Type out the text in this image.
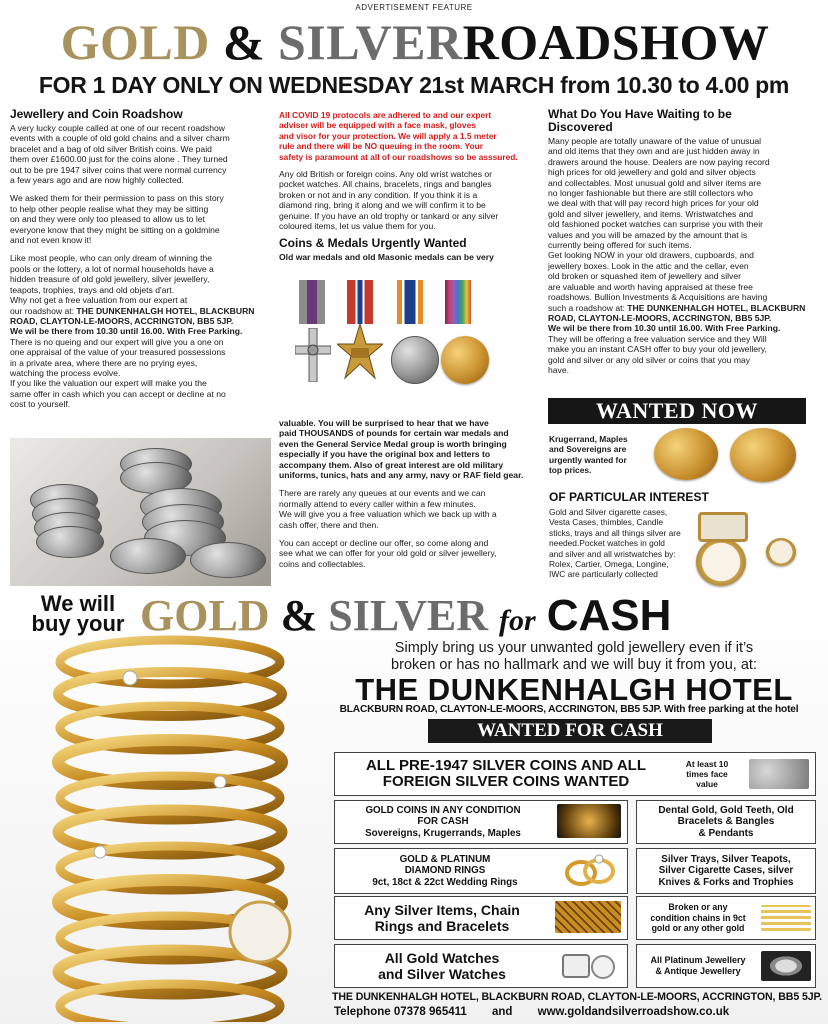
ADVERTISEMENT FEATURE
GOLD & SILVERROADSHOW
FOR 1 DAY ONLY ON WEDNESDAY 21st MARCH from 10.30 to 4.00 pm
Jewellery and Coin Roadshow

A very lucky couple called at one of our recent roadshow
events with a couple of old gold chains and a silver charm
bracelet and a bag of old silver British coins. We paid
them over £1600.00 just for the coins alone . They turned
out to be pre 1947 silver coins that were normal currency
a few years ago and are now highly collected.

We asked them for their permission to pass on this story
to help other people realise what they may be sitting
on and they were only too pleased to allow us to let
everyone know that they might be sitting on a goldmine
and not even know it!

Like most people, who can only dream of winning the
pools or the lottery, a lot of normal households have a
hidden treasure of old gold jewellery, silver jewellery,
teapots, trophies, trays and old objets d'art.
Why not get a free valuation from our expert at
our roadshow at: THE DUNKENHALGH HOTEL, BLACKBURN ROAD, CLAYTON-LE-MOORS, ACCRINGTON, BB5 5JP.
We wil be there from 10.30 until 16.00. With Free Parking.
There is no queing and our expert will give you a one on
one appraisal of the value of your treasured possessions
in a private area, where there are no prying eyes,
watching the process evolve.
If you like the valuation our expert will make you the
same offer in cash which you can accept or decline at no
cost to yourself.

All COVID 19 protocols are adhered to and our expert
adviser will be equipped with a face mask, gloves
and visor for your protection. We will apply a 1.5 meter
rule and there will be NO queuing in the room. Your
safety is paramount at all of our roadshows so be asssured.

Any old British or foreign coins. Any old wrist watches or
pocket watches. All chains, bracelets, rings and bangles
broken or not and in any condition. If you think it is a
diamond ring, bring it along and we will confirm it to be
genuine. If you have an old trophy or tankard or any silver
coloured items, let us value them for you.

Coins & Medals Urgently Wanted
Old war medals and old Masonic medals can be very

valuable. You will be surprised to hear that we have
paid THOUSANDS of pounds for certain war medals and
even the General Service Medal group is worth bringing
especially if you have the original box and letters to
accompany them. Also of great interest are old military
uniforms, tunics, hats and any army, navy or RAF field gear.

There are rarely any queues at our events and we can
normally attend to every caller within a few minutes.
We will give you a free valuation which we back up with a
cash offer, there and then.

You can accept or decline our offer, so come along and
see what we can offer for your old gold or silver jewellery,
coins and collectables.

What Do You Have Waiting to be
Discovered

Many people are totally unaware of the value of unusual
and old items that they own and are just hidden away in
drawers around the house. Dealers are now paying record
high prices for old jewellery and gold and silver objects
and collectables. Most unusual gold and silver items are
no longer fashionable but there are still collectors who
we deal with that will pay record high prices for your old
gold and silver jewellery, and items. Wristwatches and
old fashioned pocket watches can surprise you with their
values and you will be amazed by the amount that is
currently being offered for such items.
Get looking NOW in your old drawers, cupboards, and
jewellery boxes. Look in the attic and the cellar, even
old broken or squashed item of jewellery and silver
are valuable and worth having appraised at these free
roadshows. Bullion Investments & Acquisitions are having
such a roadshow at: THE DUNKENHALGH HOTEL, BLACKBURN ROAD, CLAYTON-LE-MOORS, ACCRINGTON, BB5 5JP.
We wil be there from 10.30 until 16.00. With Free Parking.
They will be offering a free valuation service and they Will
make you an instant CASH offer to buy your old jewellery,
gold and silver or any old silver or coins that you may
have.

WANTED NOW
Krugerrand, Maples
and Sovereigns are
urgently wanted for
top prices.
OF PARTICULAR INTEREST
Gold and Silver cigarette cases,
Vesta Cases, thimbles, Candle
sticks, trays and all things silver are
needed.Pocket watches in gold
and silver and all wristwatches by:
Rolex, Cartier, Omega, Longine,
IWC are particularly collected
We will
buy your GOLD & SILVER for CASH
Simply bring us your unwanted gold jewellery even if it’s
broken or has no hallmark and we will buy it from you, at:
THE DUNKENHALGH HOTEL
BLACKBURN ROAD, CLAYTON-LE-MOORS, ACCRINGTON, BB5 5JP. With free parking at the hotel
WANTED FOR CASH
ALL PRE-1947 SILVER COINS AND ALL
FOREIGN SILVER COINS WANTED
At least 10
times face
value
GOLD COINS IN ANY CONDITION
FOR CASH
Sovereigns, Krugerrands, Maples
Dental Gold, Gold Teeth, Old
Bracelets & Bangles
& Pendants
GOLD & PLATINUM
DIAMOND RINGS
9ct, 18ct & 22ct Wedding Rings
Silver Trays, Silver Teapots,
Silver Cigarette Cases, silver
Knives & Forks and Trophies
Any Silver Items, Chain
Rings and Bracelets
Broken or any
condition chains in 9ct
gold or any other gold
All Gold Watches
and Silver Watches
All Platinum Jewellery
& Antique Jewellery
THE DUNKENHALGH HOTEL, BLACKBURN ROAD, CLAYTON-LE-MOORS, ACCRINGTON, BB5 5JP.
Telephone 07378 965411 and www.goldandsilverroadshow.co.uk
